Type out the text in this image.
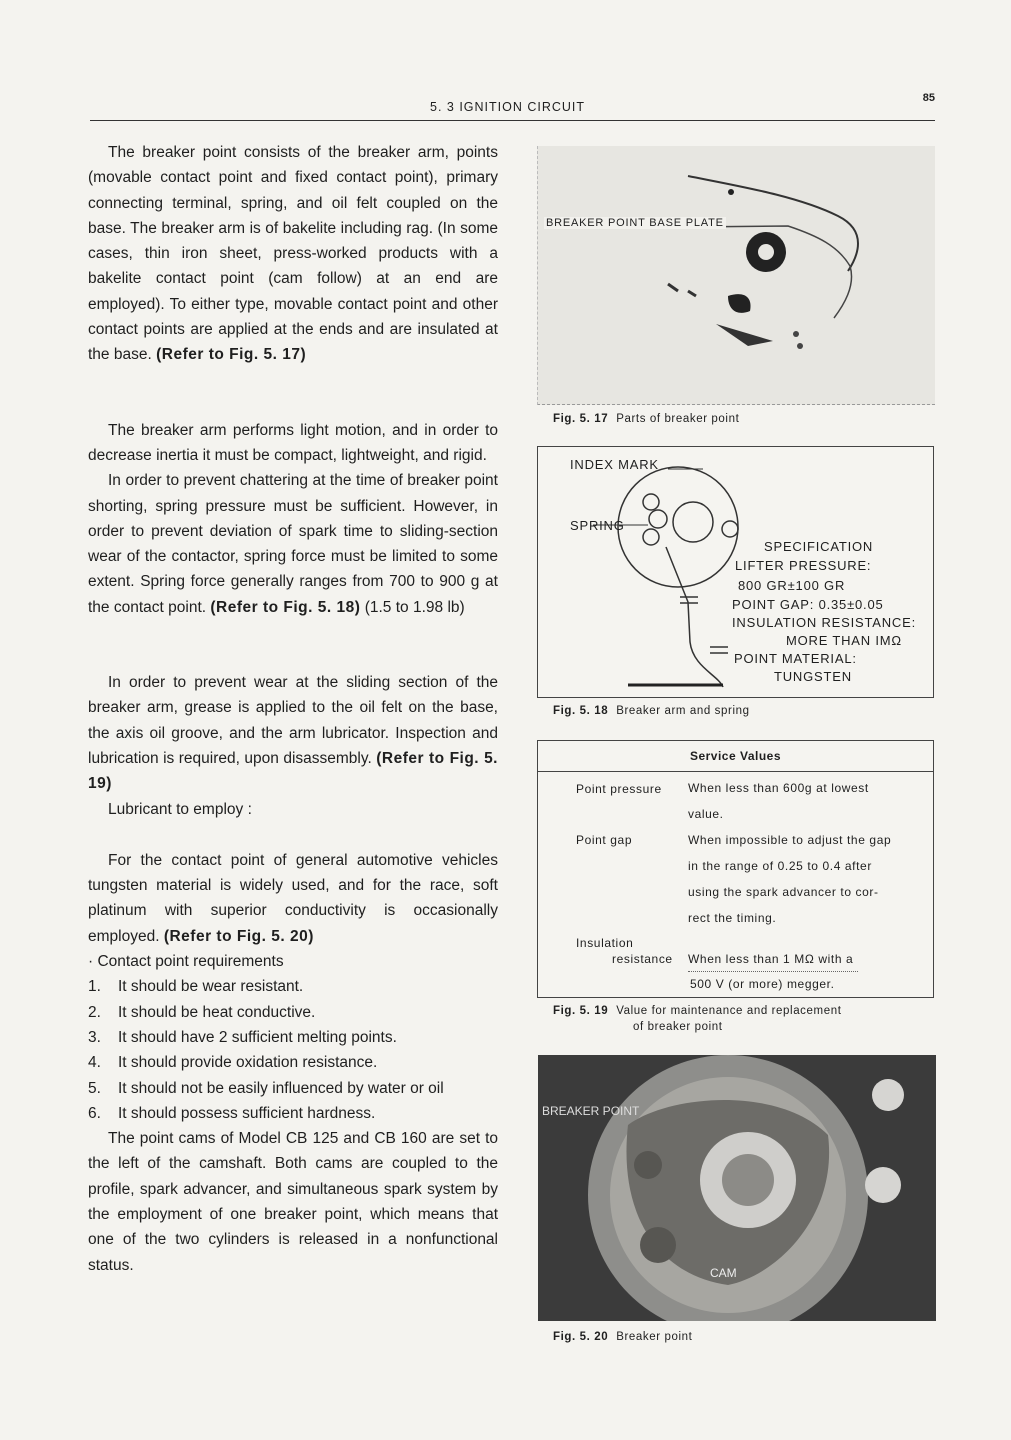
5. 3 IGNITION CIRCUIT
85

The breaker point consists of the breaker arm, points (movable contact point and fixed contact point), primary connecting terminal, spring, and oil felt coupled on the base. The breaker arm is of bakelite including rag. (In some cases, thin iron sheet, press-worked products with a bakelite contact point (cam follow) at an end are employed). To either type, movable contact point and other contact points are applied at the ends and are insulated at the base. (Refer to Fig. 5. 17)

The breaker arm performs light motion, and in order to decrease inertia it must be compact, lightweight, and rigid.

In order to prevent chattering at the time of breaker point shorting, spring pressure must be sufficient. However, in order to prevent deviation of spark time to sliding-section wear of the contactor, spring force must be limited to some extent. Spring force generally ranges from 700 to 900 g at the contact point. (Refer to Fig. 5. 18) (1.5 to 1.98 lb)

In order to prevent wear at the sliding section of the breaker arm, grease is applied to the oil felt on the base, the axis oil groove, and the arm lubricator. Inspection and lubrication is required, upon disassembly. (Refer to Fig. 5. 19)

Lubricant to employ :

For the contact point of general automotive vehicles tungsten material is widely used, and for the race, soft platinum with superior conductivity is occasionally employed. (Refer to Fig. 5. 20)

· Contact point requirements

1. It should be wear resistant.
2. It should be heat conductive.
3. It should have 2 sufficient melting points.
4. It should provide oxidation resistance.
5. It should not be easily influenced by water or oil
6. It should possess sufficient hardness.

The point cams of Model CB 125 and CB 160 are set to the left of the camshaft. Both cams are coupled to the profile, spark advancer, and simultaneous spark system by the employment of one breaker point, which means that one of the two cylinders is released in a nonfunctional status.

BREAKER POINT BASE PLATE
Fig. 5. 17 Parts of breaker point
INDEX MARK
SPRING
SPECIFICATION
LIFTER PRESSURE:
800 GR±100 GR
POINT GAP: 0.35±0.05
INSULATION RESISTANCE:
MORE THAN IMΩ
POINT MATERIAL:
TUNGSTEN
Fig. 5. 18 Breaker arm and spring
Service Values
Point pressure When less than 600g at lowest
value.
Point gap	When impossible to adjust the gap
in the range of 0.25 to 0.4 after
using the spark advancer to cor-
rect the timing.
Insulation
resistance When less than 1 MΩ with a
500 V (or more) megger.
Fig. 5. 19 Value for maintenance and replacement
of breaker point
BREAKER POINT
CAM
Fig. 5. 20 Breaker point
